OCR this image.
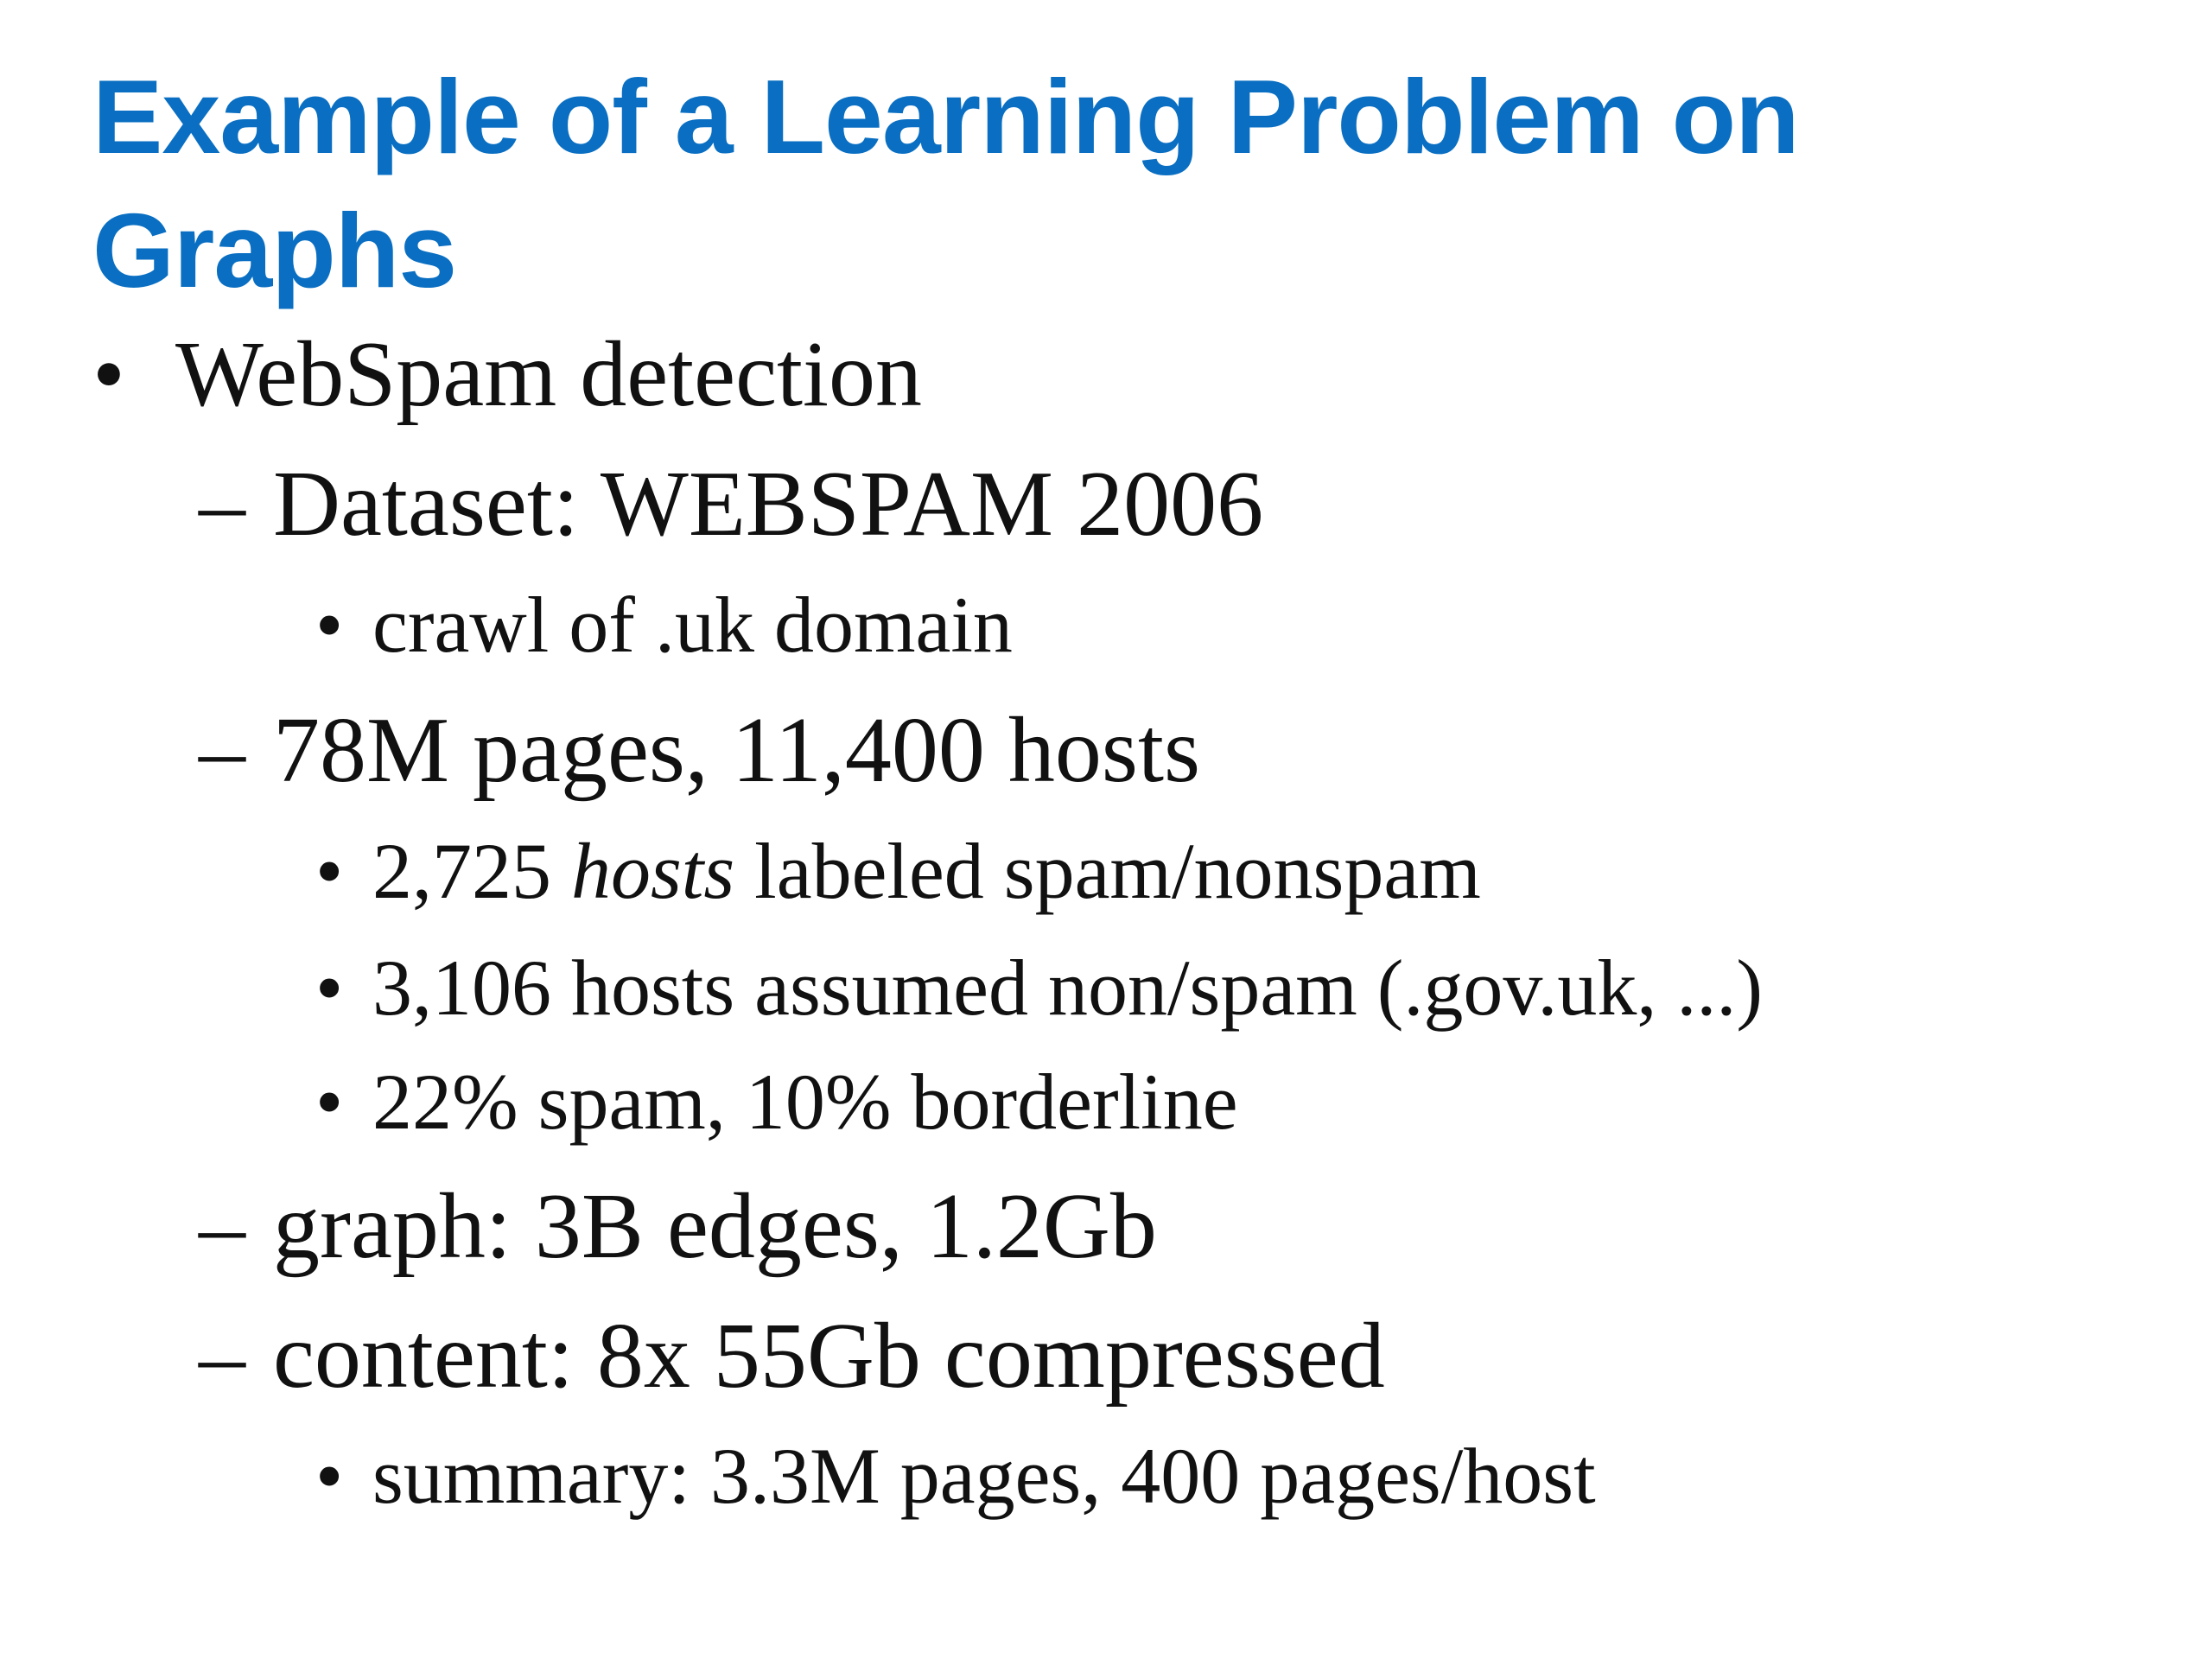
Example of a Learning Problem on Graphs
• WebSpam detection
– Dataset: WEBSPAM 2006
• crawl of .uk domain
– 78M pages, 11,400 hosts
• 2,725 hosts labeled spam/nonspam
• 3,106 hosts assumed non/spam (.gov.uk, ...)
• 22% spam, 10% borderline
– graph: 3B edges, 1.2Gb
– content: 8x 55Gb compressed
• summary: 3.3M pages, 400 pages/host
